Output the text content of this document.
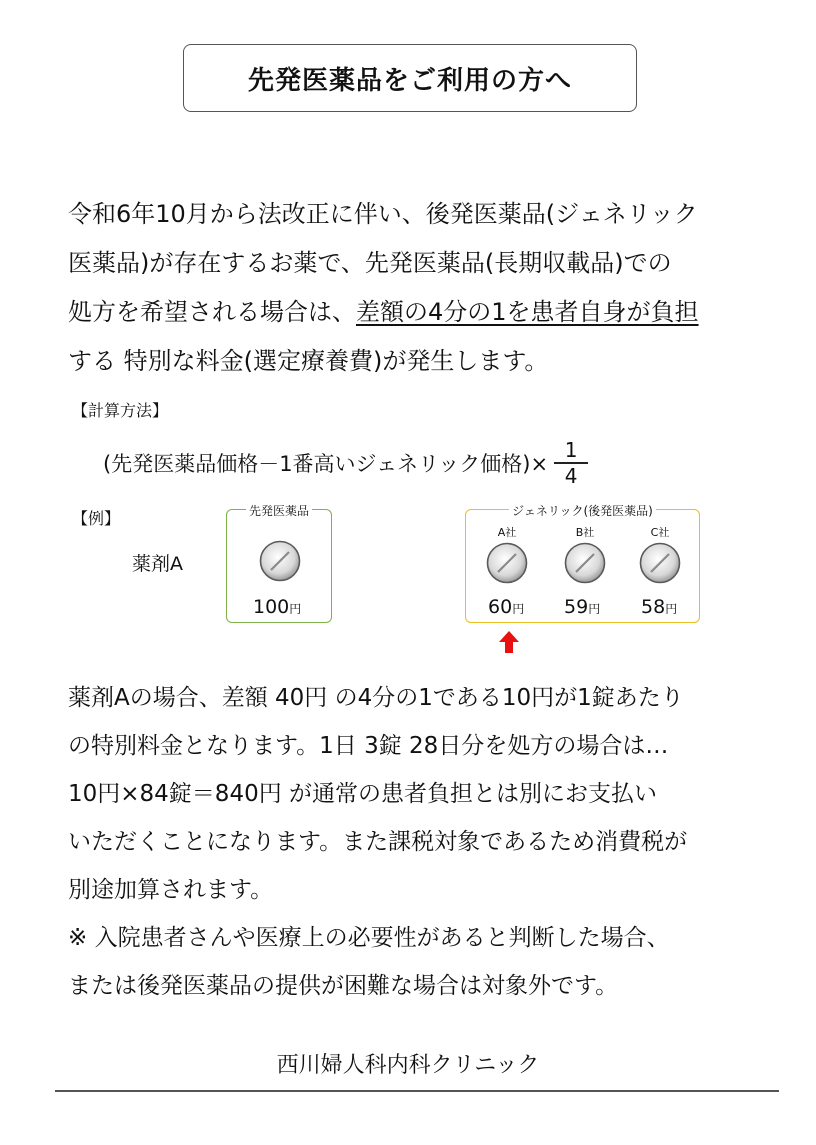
先発医薬品をご利用の方へ
令和6年10月から法改正に伴い、後発医薬品(ジェネリック
医薬品)が存在するお薬で、先発医薬品(長期収載品)での
処方を希望される場合は、差額の4分の1を患者自身が負担
する 特別な料金(選定療養費)が発生します。
【計算方法】
(先発医薬品価格－1番高いジェネリック価格)× $\frac{1}{4}$
【例】
薬剤A
先発医薬品
100円
ジェネリック(後発医薬品)
A社
60円
B社
59円
C社
58円
薬剤Aの場合、差額 40円 の4分の1である10円が1錠あたり
の特別料金となります。1日 3錠 28日分を処方の場合は…
10円×84錠＝840円 が通常の患者負担とは別にお支払い
いただくことになります。また課税対象であるため消費税が
別途加算されます。
※ 入院患者さんや医療上の必要性があると判断した場合、
または後発医薬品の提供が困難な場合は対象外です。
西川婦人科内科クリニック
